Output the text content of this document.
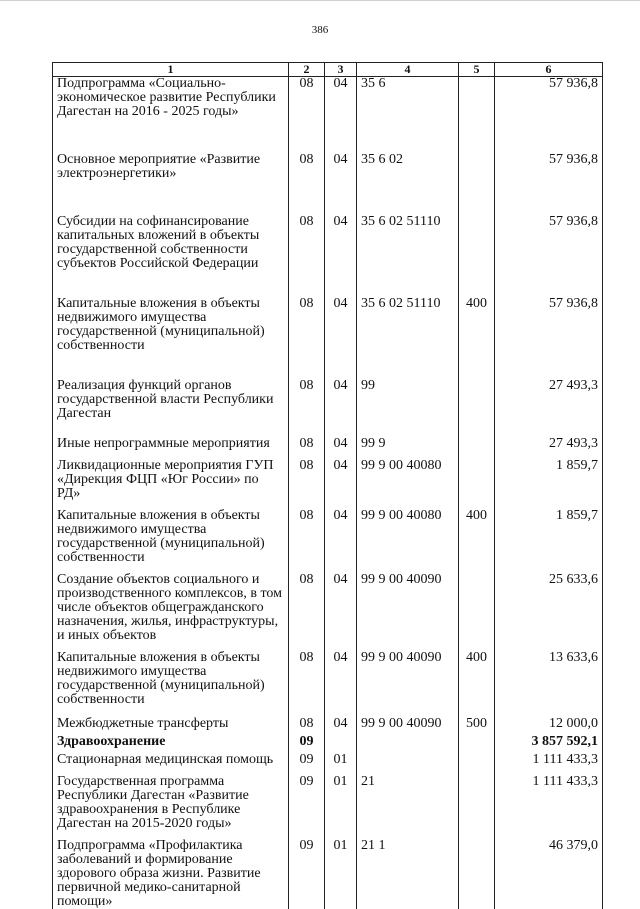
386
1	2	3	4	5	6
Подпрограмма «Социально-экономическое развитие Республики Дагестан на 2016 - 2025 годы»	08	04	35 6		57 936,8

Основное мероприятие «Развитие электроэнергетики»	08	04	35 6 02		57 936,8

Субсидии на софинансирование капитальных вложений в объекты государственной собственности субъектов Российской Федерации	08	04	35 6 02 51110		57 936,8

Капитальные вложения в объекты недвижимого имущества государственной (муниципальной) собственности	08	04	35 6 02 51110	400	57 936,8

Реализация функций органов государственной власти Республики Дагестан	08	04	99		27 493,3

Иные непрограммные мероприятия	08	04	99 9		27 493,3

Ликвидационные мероприятия ГУП «Дирекция ФЦП «Юг России» по РД»	08	04	99 9 00 40080		1 859,7

Капитальные вложения в объекты недвижимого имущества государственной (муниципальной) собственности	08	04	99 9 00 40080	400	1 859,7

Создание объектов социального и производственного комплексов, в том числе объектов общегражданского назначения, жилья, инфраструктуры, и иных объектов	08	04	99 9 00 40090		25 633,6

Капитальные вложения в объекты недвижимого имущества государственной (муниципальной) собственности	08	04	99 9 00 40090	400	13 633,6

Межбюджетные трансферты	08	04	99 9 00 40090	500	12 000,0

Здравоохранение	09				3 857 592,1

Стационарная медицинская помощь	09	01			1 111 433,3

Государственная программа Республики Дагестан «Развитие здравоохранения в Республике Дагестан на 2015-2020 годы»	09	01	21		1 111 433,3

Подпрограмма «Профилактика заболеваний и формирование здорового образа жизни. Развитие первичной медико-санитарной помощи»	09	01	21 1		46 379,0
